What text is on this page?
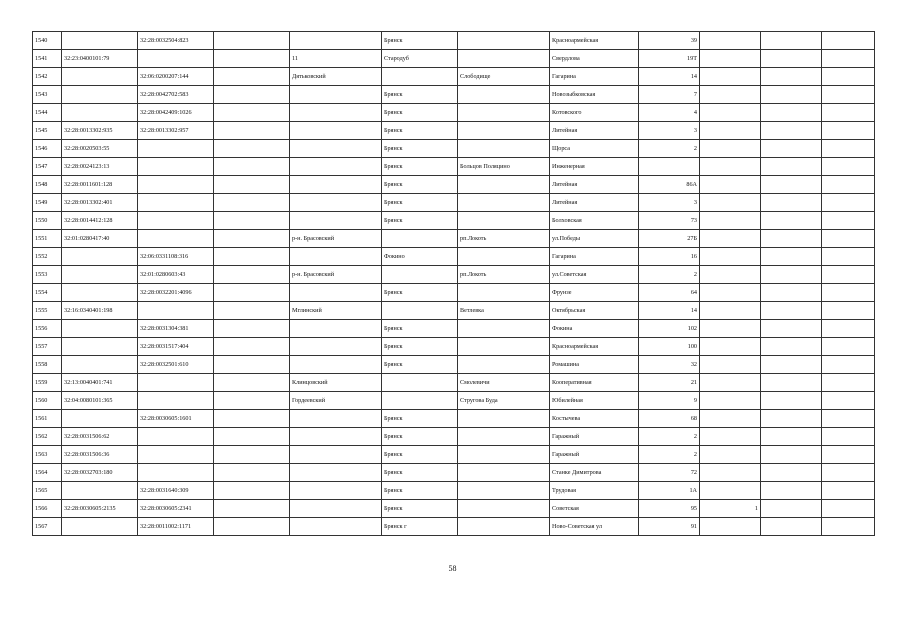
1540		32:28:0032504:823			Брянск		Красноармейская	39			
1541	32:23:0400101:79			11	Стародуб		Свердлова	19Т			
1542		32:06:0200207:144		Дятьковский		Слободище	Гагарина	14			
1543		32:28:0042702:583			Брянск		Новозыбковская	7			
1544		32:28:0042409:1026			Брянск		Котовского	4			
1545	32:28:0013302:935	32:28:0013302:957			Брянск		Литейная	3			
1546	32:28:0020503:55				Брянск		Щорса	2			
1547	32:28:0024123:13				Брянск	Больцов Поляцино	Инженерная				
1548	32:28:0011601:128				Брянск		Литейная	86А			
1549	32:28:0013302:401				Брянск		Литейная	3			
1550	32:28:0014412:128				Брянск		Болховская	73			
1551	32:01:0280417:40			р-н. Брасовский		рп.Локоть	ул.Победы	27Б			
1552		32:06:0331108:316			Фокино		Гагарина	16			
1553		32:01:0280603:43		р-н. Брасовский		рп.Локоть	ул.Советская	2			
1554		32:28:0032201:4096			Брянск		Фрунзе	64			
1555	32:16:0340401:198			Мглинский		Ветлевка	Октябрьская	14			
1556		32:28:0031304:381			Брянск		Фокина	102			
1557		32:28:0031517:404			Брянск		Красноармейская	100			
1558		32:28:0032501:610			Брянск		Ромашина	32			
1559	32:13:0040401:741			Клинцовский		Смолевичи	Кооперативная	21			
1560	32:04:0080101:365			Гордеевский		Струговa Буда	Юбилейная	9			
1561		32:28:0030605:1601			Брянск		Костычева	68			
1562	32:28:0031506:62				Брянск		Гаражный	2			
1563	32:28:0031506:36				Брянск		Гаражный	2			
1564	32:28:0032703:180				Брянск		Станке Димитрова	72			
1565		32:28:0031640:309			Брянск		Трудовая	1А			
1566	32:28:0030605:2135	32:28:0030605:2341			Брянск		Советская	95	1		
1567		32:28:0011002:1171			Брянск г		Ново-Советская ул	91			
58
